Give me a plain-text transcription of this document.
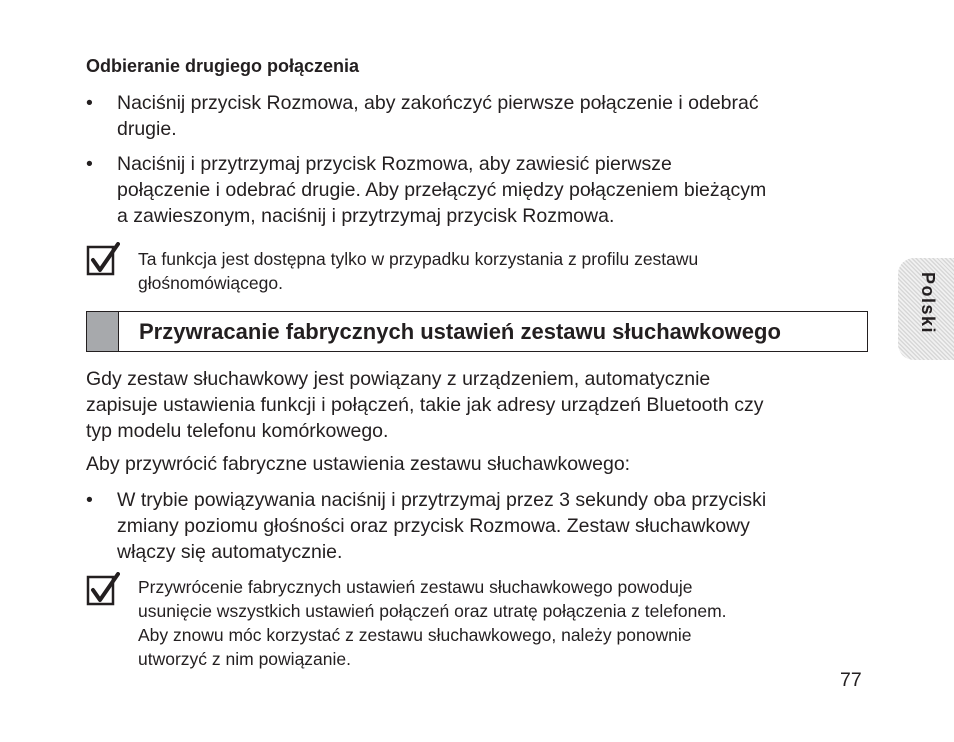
Odbieranie drugiego połączenia
• Naciśnij przycisk Rozmowa, aby zakończyć pierwsze połączenie i odebrać
drugie.
• Naciśnij i przytrzymaj przycisk Rozmowa, aby zawiesić pierwsze
połączenie i odebrać drugie. Aby przełączyć między połączeniem bieżącym
a zawieszonym, naciśnij i przytrzymaj przycisk Rozmowa.
Ta funkcja jest dostępna tylko w przypadku korzystania z profilu zestawu
głośnomówiącego.
Przywracanie fabrycznych ustawień zestawu słuchawkowego
Gdy zestaw słuchawkowy jest powiązany z urządzeniem, automatycznie
zapisuje ustawienia funkcji i połączeń, takie jak adresy urządzeń Bluetooth czy
typ modelu telefonu komórkowego.
Aby przywrócić fabryczne ustawienia zestawu słuchawkowego:
• W trybie powiązywania naciśnij i przytrzymaj przez 3 sekundy oba przyciski
zmiany poziomu głośności oraz przycisk Rozmowa. Zestaw słuchawkowy
włączy się automatycznie.
Przywrócenie fabrycznych ustawień zestawu słuchawkowego powoduje
usunięcie wszystkich ustawień połączeń oraz utratę połączenia z telefonem.
Aby znowu móc korzystać z zestawu słuchawkowego, należy ponownie
utworzyć z nim powiązanie.
Polski
77
